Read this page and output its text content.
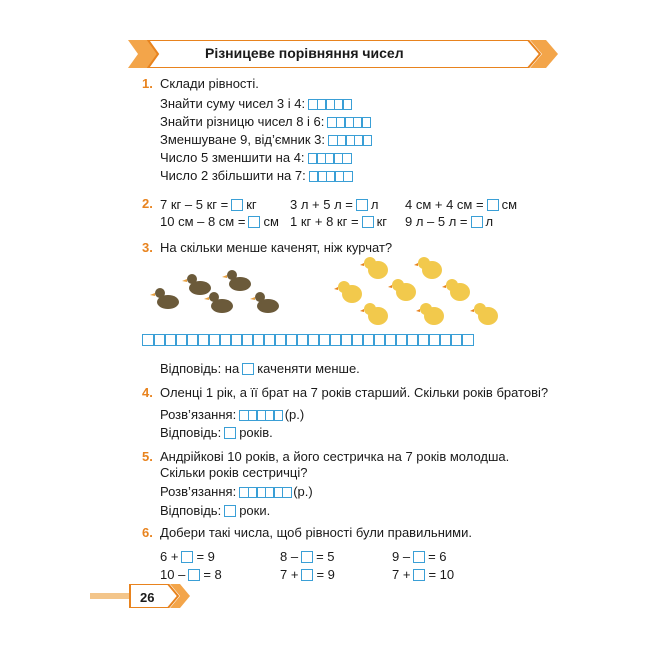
Різницеве порівняння чисел
1. Склади рівності.
Знайти суму чисел 3 і 4:
Знайти різницю чисел 8 і 6:
Зменшуване 9, від’ємник 3:
Число 5 зменшити на 4:
Число 2 збільшити на 7:
2. 7 кг – 5 кг = кг	3 л + 5 л = л 4 см + 4 см = см
10 см – 8 см = см 1 кг + 8 кг = кг 9 л – 5 л = л
3. На скільки менше каченят, ніж курчат?
Відповідь: на каченяти менше.
4. Оленці 1 рік, а її брат на 7 років старший. Скільки років братові?
Розв’язання:	(р.)
Відповідь: років.
5. Андрійкові 10 років, а його сестричка на 7 років молодша.
Скільки років сестричці?
Розв’язання:	(р.)
Відповідь: роки.
6. Добери такі числа, щоб рівності були правильними.
6 + = 9	8 – = 5	9 – = 6
10 – = 8	7 + = 9	7 + = 10
26
